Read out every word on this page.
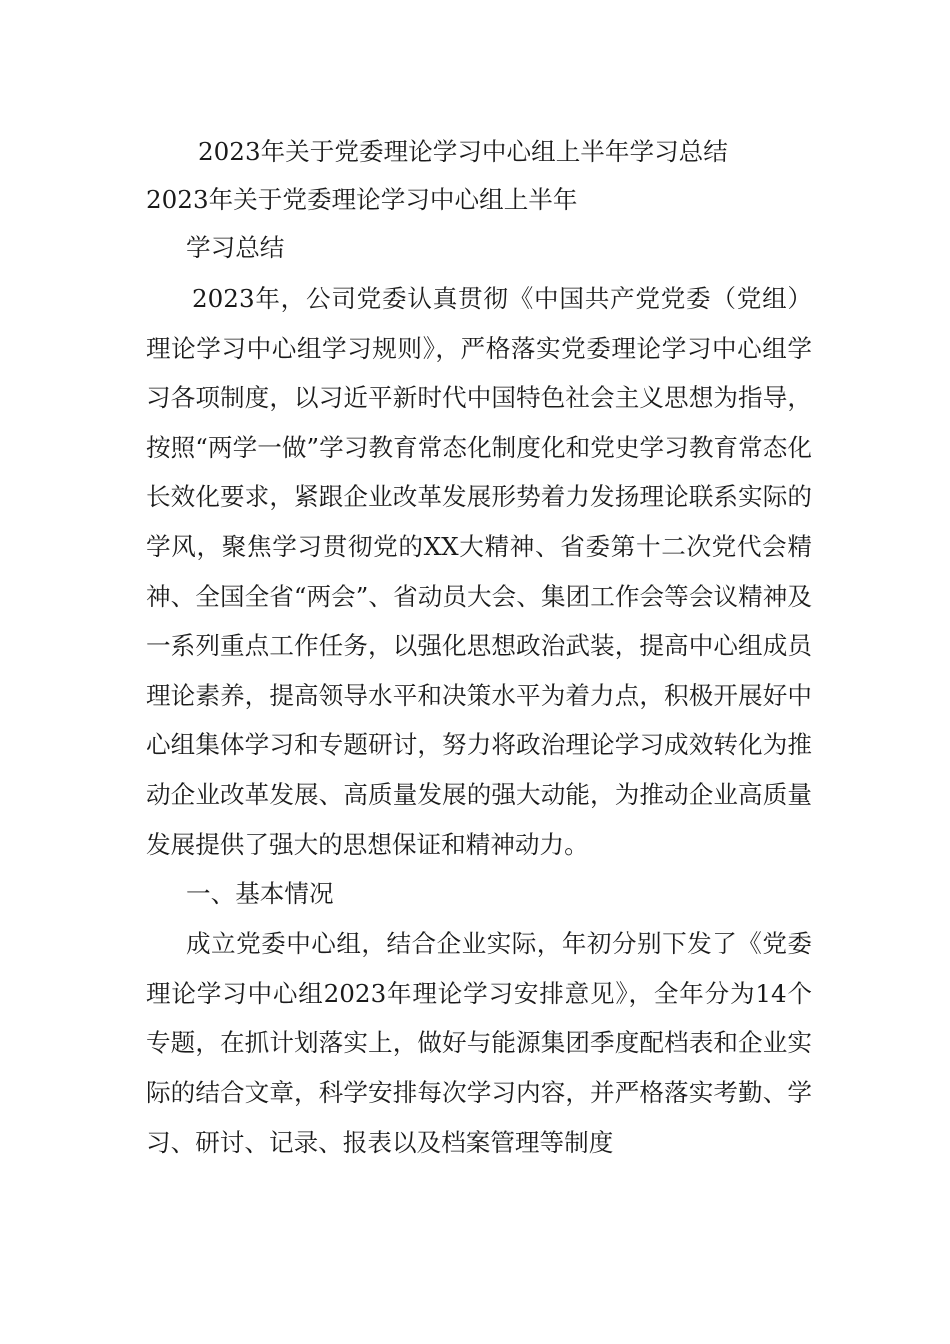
2023年关于党委理论学习中心组上半年学习总结
2023年关于党委理论学习中心组上半年
学习总结

2023年，公司党委认真贯彻《中国共产党党委（党组）理论学习中心组学习规则》，严格落实党委理论学习中心组学习各项制度，以习近平新时代中国特色社会主义思想为指导，按照“两学一做”学习教育常态化制度化和党史学习教育常态化长效化要求，紧跟企业改革发展形势着力发扬理论联系实际的学风，聚焦学习贯彻党的XX大精神、省委第十二次党代会精神、全国全省“两会”、省动员大会、集团工作会等会议精神及一系列重点工作任务，以强化思想政治武装，提高中心组成员理论素养，提高领导水平和决策水平为着力点，积极开展好中心组集体学习和专题研讨，努力将政治理论学习成效转化为推动企业改革发展、高质量发展的强大动能，为推动企业高质量发展提供了强大的思想保证和精神动力。

一、基本情况

成立党委中心组，结合企业实际，年初分别下发了《党委理论学习中心组2023年理论学习安排意见》，全年分为14个专题，在抓计划落实上，做好与能源集团季度配档表和企业实际的结合文章，科学安排每次学习内容，并严格落实考勤、学习、研讨、记录、报表以及档案管理等制度
